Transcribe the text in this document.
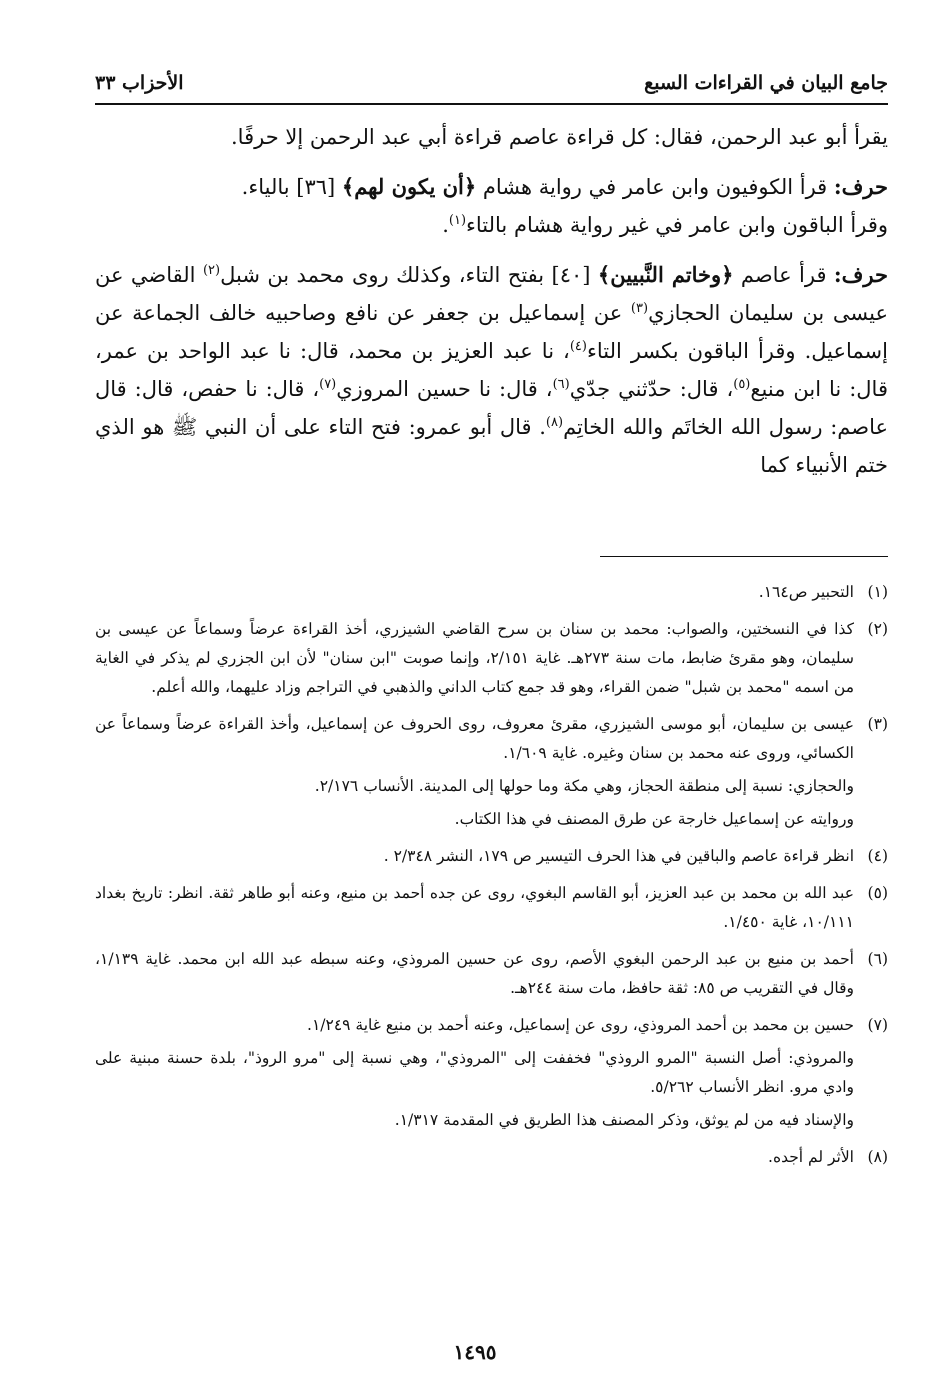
جامع البيان في القراءات السبع
الأحزاب ٣٣

يقرأ أبو عبد الرحمن، فقال: كل قراءة عاصم قراءة أبي عبد الرحمن إلا حرفًا.

حرف: قرأ الكوفيون وابن عامر في رواية هشام ﴿أن يكون لهم﴾ [٣٦] بالياء.
وقرأ الباقون وابن عامر في غير رواية هشام بالتاء$^{(١)}$.

حرف: قرأ عاصم ﴿وخاتم النَّبيين﴾ [٤٠] بفتح التاء، وكذلك روى محمد بن شبل$^{(٢)}$ القاضي عن عيسى بن سليمان الحجازي$^{(٣)}$ عن إسماعيل بن جعفر عن نافع وصاحبيه خالف الجماعة عن إسماعيل. وقرأ الباقون بكسر التاء$^{(٤)}$، نا عبد العزيز بن محمد، قال: نا عبد الواحد بن عمر، قال: نا ابن منيع$^{(٥)}$، قال: حدّثني جدّي$^{(٦)}$، قال: نا حسين المروزي$^{(٧)}$، قال: نا حفص، قال: قال عاصم: رسول الله الخاتَم والله الخاتِم$^{(٨)}$. قال أبو عمرو: فتح التاء على أن النبي ﷺ هو الذي ختم الأنبياء كما

(١)
التحبير ص١٦٤.
(٢)
كذا في النسختين، والصواب: محمد بن سنان بن سرح القاضي الشيزري، أخذ القراءة عرضاً وسماعاً عن عيسى بن سليمان، وهو مقرئ ضابط، مات سنة ٢٧٣هـ. غاية ٢/١٥١، وإنما صوبت "ابن سنان" لأن ابن الجزري لم يذكر في الغاية من اسمه "محمد بن شبل" ضمن القراء، وهو قد جمع كتاب الداني والذهبي في التراجم وزاد عليهما، والله أعلم.
(٣)
عيسى بن سليمان، أبو موسى الشيزري، مقرئ معروف، روى الحروف عن إسماعيل، وأخذ القراءة عرضاً وسماعاً عن الكسائي، وروى عنه محمد بن سنان وغيره. غاية ١/٦٠٩.
والحجازي: نسبة إلى منطقة الحجاز، وهي مكة وما حولها إلى المدينة. الأنساب ٢/١٧٦.
وروايته عن إسماعيل خارجة عن طرق المصنف في هذا الكتاب.
(٤)
انظر قراءة عاصم والباقين في هذا الحرف التيسير ص ١٧٩، النشر ٢/٣٤٨ .
(٥)
عبد الله بن محمد بن عبد العزيز، أبو القاسم البغوي، روى عن جده أحمد بن منيع، وعنه أبو طاهر ثقة. انظر: تاريخ بغداد ١٠/١١١، غاية ١/٤٥٠.
(٦)
أحمد بن منيع بن عبد الرحمن البغوي الأصم، روى عن حسين المروذي، وعنه سبطه عبد الله ابن محمد. غاية ١/١٣٩، وقال في التقريب ص ٨٥: ثقة حافظ، مات سنة ٢٤٤هـ.
(٧)
حسين بن محمد بن أحمد المروذي، روى عن إسماعيل، وعنه أحمد بن منيع غاية ١/٢٤٩.
والمروذي: أصل النسبة "المرو الروذي" فخففت إلى "المروذي"، وهي نسبة إلى "مرو الروذ"، بلدة حسنة مبنية على وادي مرو. انظر الأنساب ٥/٢٦٢.
والإسناد فيه من لم يوثق، وذكر المصنف هذا الطريق في المقدمة ١/٣١٧.
(٨)
الأثر لم أجده.
١٤٩٥
